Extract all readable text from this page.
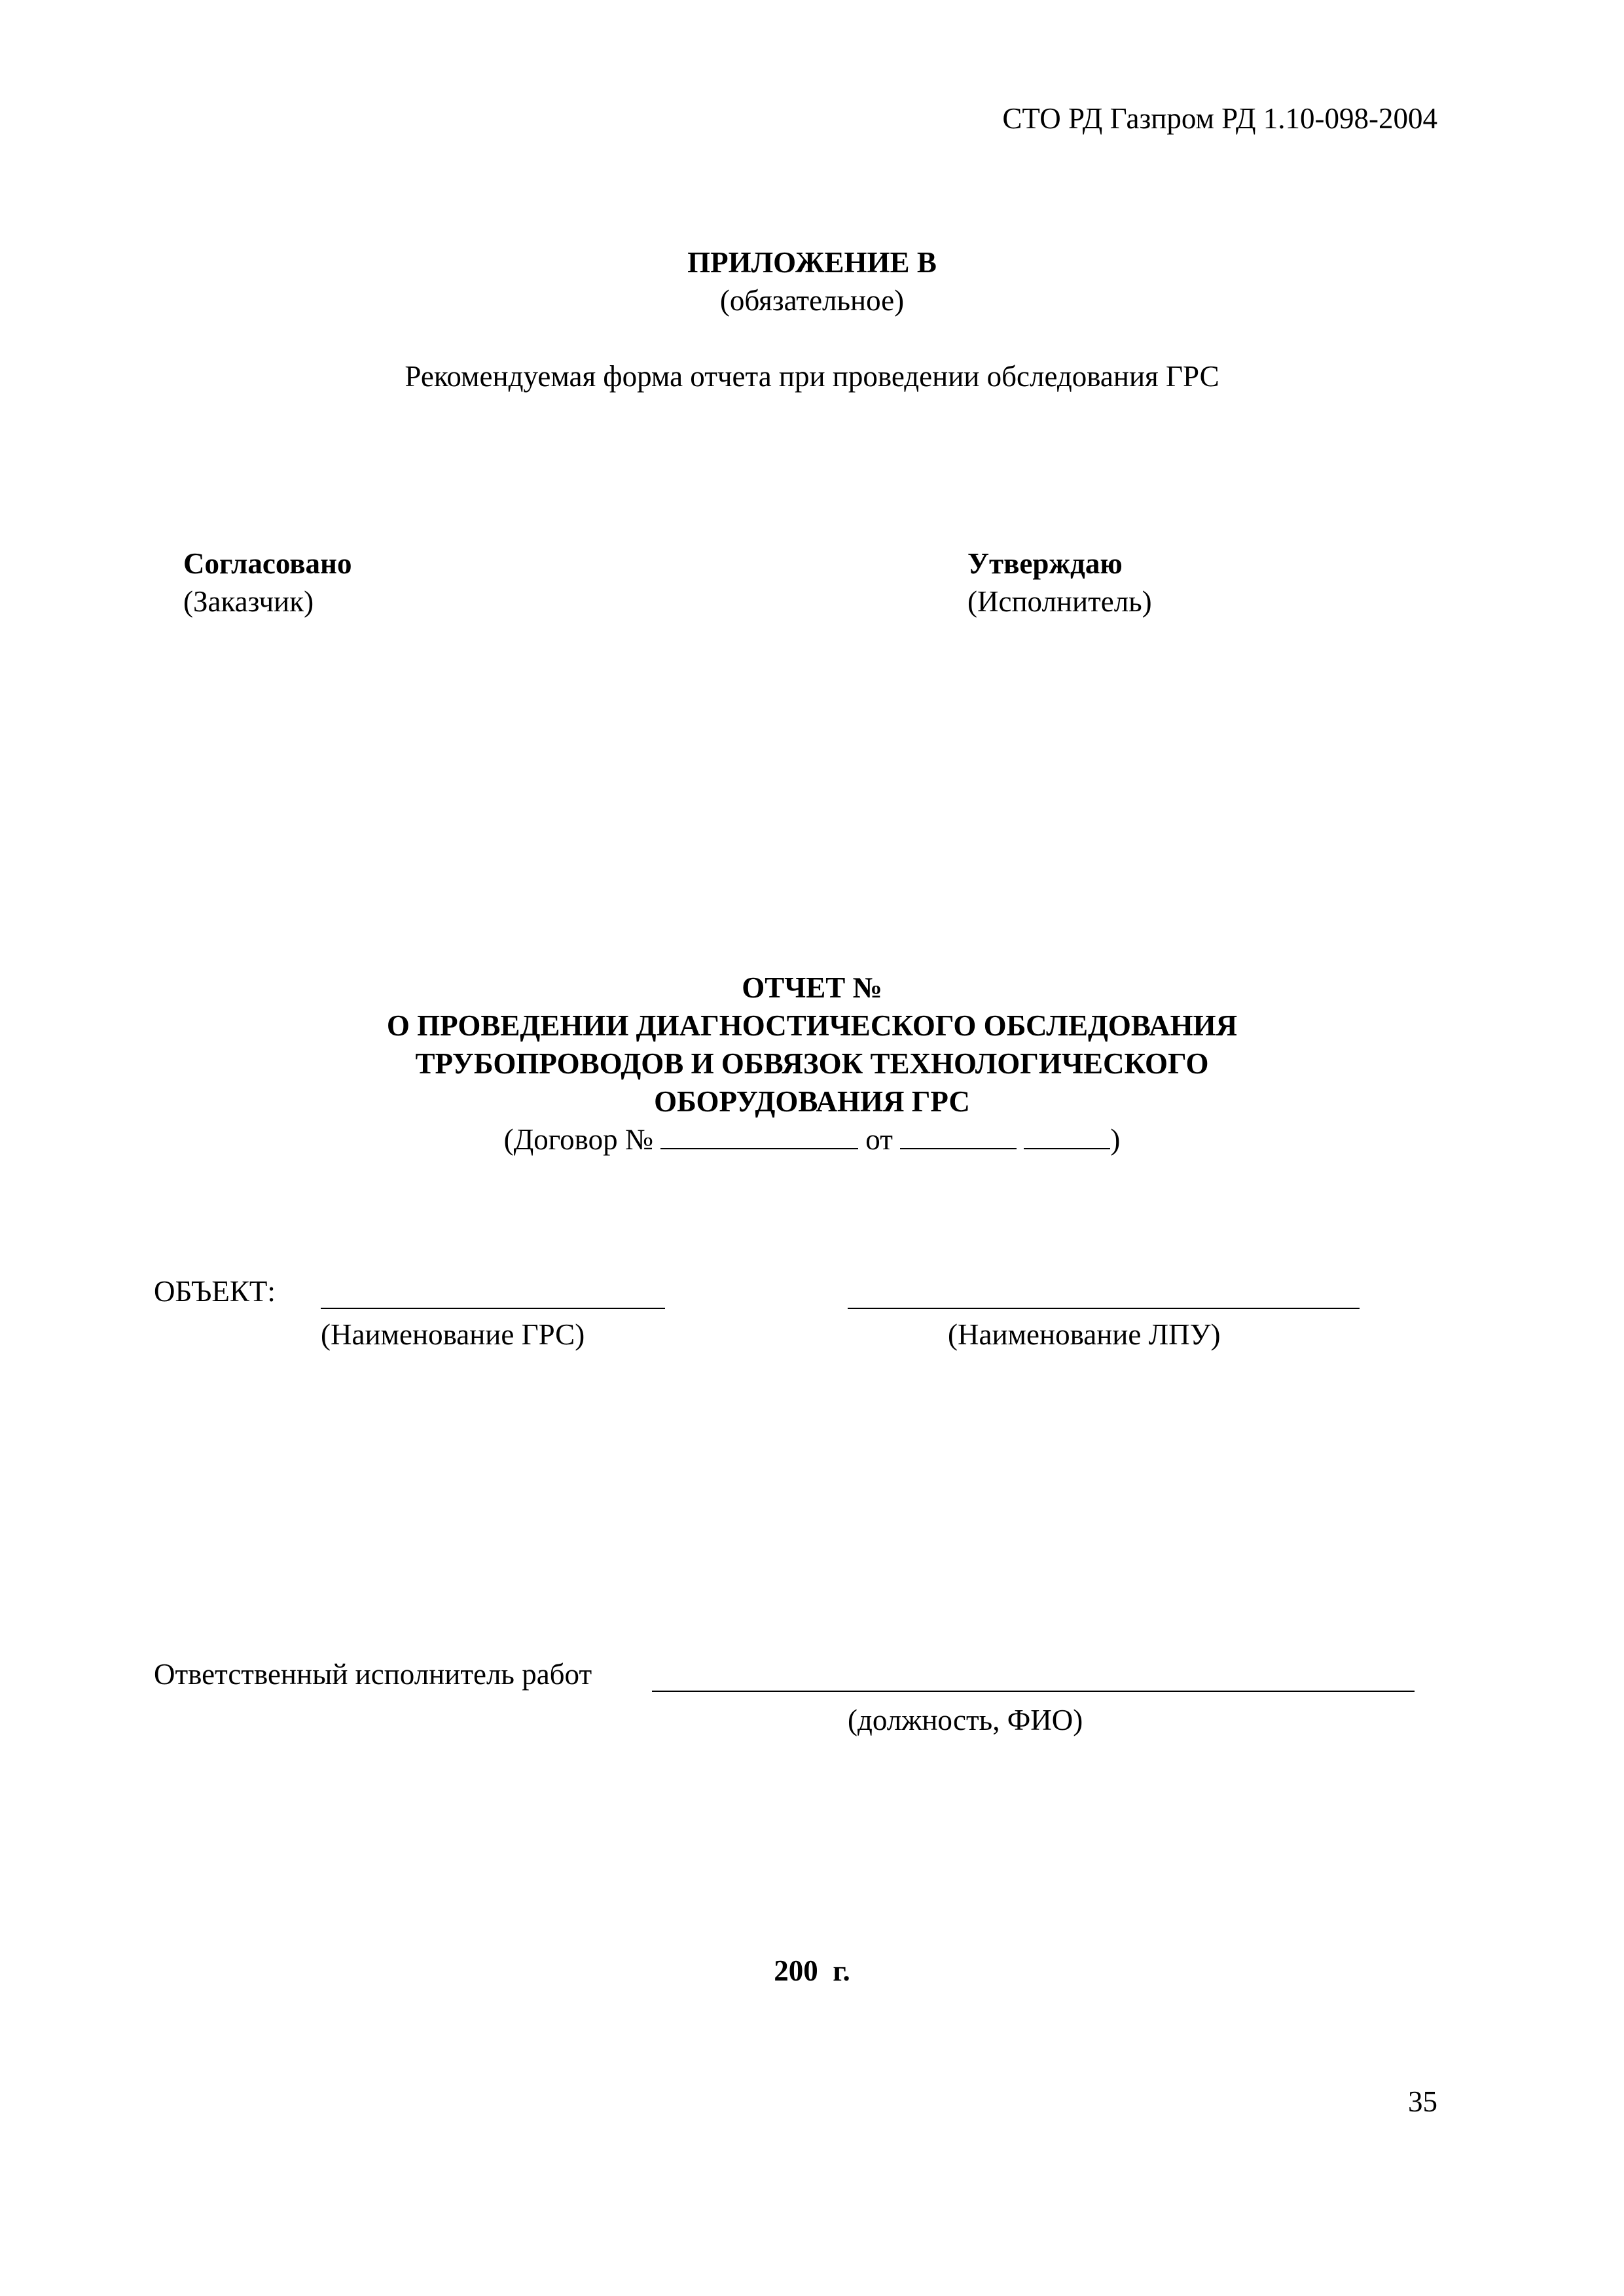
СТО РД Газпром РД 1.10-098-2004
ПРИЛОЖЕНИЕ В
(обязательное)
Рекомендуемая форма отчета при проведении обследования ГРС
Согласовано
(Заказчик)
Утверждаю
(Исполнитель)
ОТЧЕТ №
О ПРОВЕДЕНИИ ДИАГНОСТИЧЕСКОГО ОБСЛЕДОВАНИЯ
ТРУБОПРОВОДОВ И ОБВЯЗОК ТЕХНОЛОГИЧЕСКОГО
ОБОРУДОВАНИЯ ГРС
(Договор №	от	)
ОБЪЕКТ:
(Наименование ГРС)	(Наименование ЛПУ)
Ответственный исполнитель работ
(должность, ФИО)
200  г.
35
